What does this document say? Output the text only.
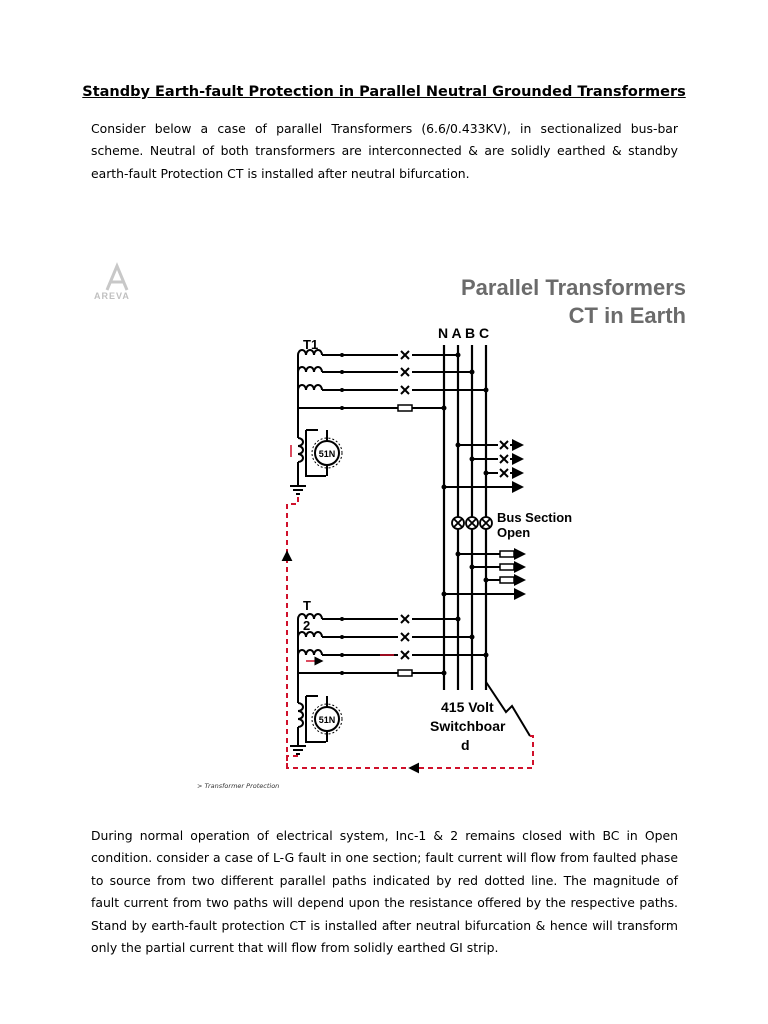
Standby Earth-fault Protection in Parallel Neutral Grounded Transformers

Consider below a case of parallel Transformers (6.6/0.433KV), in sectionalized bus-bar scheme. Neutral of both transformers are interconnected & are solidly earthed & standby earth-fault Protection CT is installed after neutral bifurcation.

AREVA	Parallel Transformers
CT in Earth
N A B C
T1
51N
Bus Section
Open
T
2
51N
415 Volt
Switchboar
d
> Transformer Protection

During normal operation of electrical system, Inc-1 & 2 remains closed with BC in Open condition. consider a case of L-G fault in one section; fault current will flow from faulted phase to source from two different parallel paths indicated by red dotted line. The magnitude of fault current from two paths will depend upon the resistance offered by the respective paths. Stand by earth-fault protection CT is installed after neutral bifurcation & hence will transform only the partial current that will flow from solidly earthed GI strip.
